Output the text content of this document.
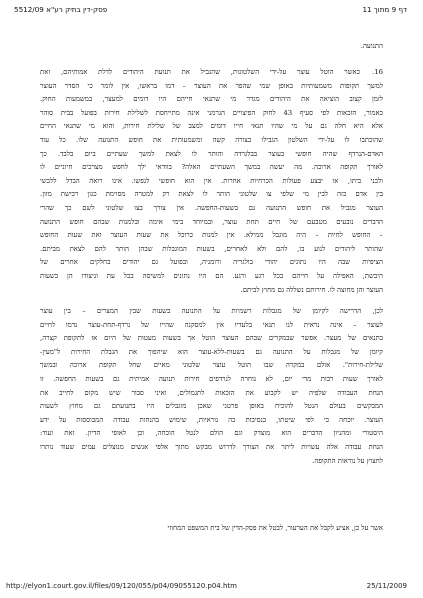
פסק-דין בתיק רע"א 5512/09	דף 9 מתוך 11
התנועה.
16.כאשר הוטל עוצר על-ידי השלטונות, שהגביל את תנועת היהודים לדלת אמותיהם, זאת
למשך תקופות משמעותיות באופן שמי שהפר את העוצר – דמו בראשו, אין לומר כי הסדר העוצר
לזמן קצוב הוציאה את היהודים מגדר מי שתנאי חייהם היו דומים למעצר, במשמעות החוק.
כאמור, הזכאות לפי סעיף 43 לחוק הפיצויים הגרמני אינה מתייחסת לשלילת חירות בפועל בבית סוהר
אלא היא חלה גם על מי שהיו תנאי חייו דומים למצב של שלילת חירות, והוא מי שתנאי החיים
שהוכתבו לו על-ידי השלטון הגבילו בצורה קשה ומשמעותית את חופש התנועה שלו. כל עוד
האדם-הנרדף שהיה חופשי בעוצר בבלגרדה והותר לו לצאת למשך שעתיים ביום בלבד. כך
לאורך תקופה ארוכה. מה יעשה במשך השעתיים האלה? בוודאי ילך לחפש מצרכים חיוניים לו
ולבני ביתו, או יבצע פעולות הכרחיות אחרות. אין הוא חופשי לנפשו. אינו רואה הבדל ללבשי
בין אדם כזה לבין מי שלפי צו שלטוני הותר לו לצאת רק למטרה מסוימת כגון רכישת מזון.
העוצר מגביל את חופש התנועה גם בשעות-החפשה. אין צורך בצו שלטוני לשם כך שהרי
הדברים נובעים מטבעם של חיים תחת עוצר, ובמיוחד בימי אימה ובלמנות שבהם חופש התנועה
– החופש לחיות – היה מוגבל ממילא. אין למנות כרוכל את שעות העוצר ואת שעות החופש
שהותר ליהודים לנוע בו, להם ולא לאחרים, בשעות המוגבלות שבהן הותר להם לצאת מביתם.
הציפיות שבה היו נתונים יהודי בולגריה ורומניה, ובפועל גם יהודים בחלקים אחרים של
היבשת, האפילה על חייהם בכל רגע ורגע. הם היו נתונים למשיסה בכל עת וניצודו הן בשעות
העוצר והן מחוצה לו. חירותם נשללה גם מחוץ לביתם.
לכן, הדרישה לקיומן של מגבלות רשמיות על התנועה בשעות שבין המצרים – בין עוצר
לעוצר – אינה נראית לנו תנאי בלעדיו אין למסקנה שהייו של נרדף-תחת-עוצר נדמו לחיים
בתנאים של מעצר. אפשר שבמקרים שבהם העוצר הוטל אך בשעות מעטות של היום אז לתקופת קצרה,
קיומן של מגבלות על התנועה גם בשעות-ללא-עוצר הוא שיהפוך את הגבלת החירות ל"מעין-
שלילת-חירות". אולם במקרה שבו הוטל עוצר שלטוני מאיים שחל תקופת ארוכה ובמשך
לאורך שעות רבות מדי יום, לא נוחרה לנרדפים חירות תנועה אמיתית גם בשעות החפשה. זו
הנחת העבודה שלפיה יש לקבוע את הזכאות לתגמולים, ואיני סבור שיש מקום לחייב את
המבקשים בעולם הנטל להוכיח באופן פרטני שאכן מוגבלים היו בתנועתם גם מחוץ לשעות
העוצר. יוכחה כי לפי שיטתו, בנסיבות כה נוראיות, שימוש בהנחות עבודה המבוססות על ידע
היסטורי ומהניון הדברים הוא מוצדק וגם הולם לנטל הוכחה, וכן לאופי הדיון. זאת ועוד:
הנחת עבודה אלה עשויות ליתר את הצורך לדרוש מבקש מתוך אלפי אנשים מנוצלים עמים שעוד נותרו
לחצוץ על נוראות התקופה.
אשר על כן, אציע לקבל את הערעור, לבטל את פסק-הדין של בית המשפט המחוזי
http://elyon1.court.gov.il/files/09/120/055/p04/09055120.p04.htm	25/11/2009
